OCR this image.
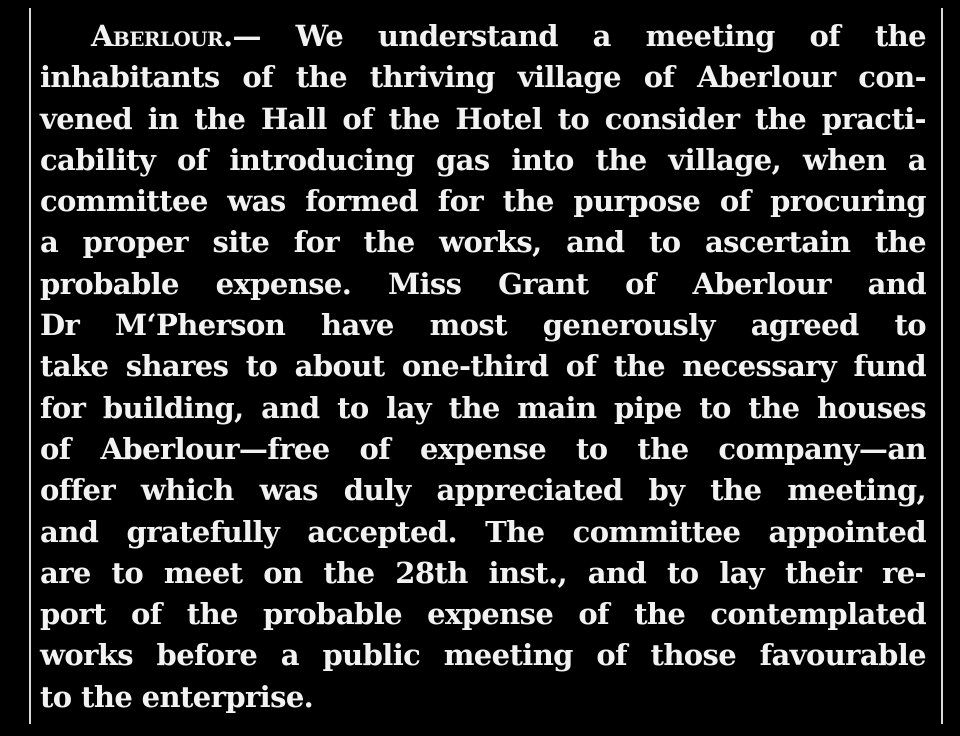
Aberlour.— We understand a meeting of the
inhabitants of the thriving village of Aberlour con-
vened in the Hall of the Hotel to consider the practi-
cability of introducing gas into the village, when a
committee was formed for the purpose of procuring
a proper site for the works, and to ascertain the
probable expense. Miss Grant of Aberlour and
Dr M‘Pherson have most generously agreed to
take shares to about one-third of the necessary fund
for building, and to lay the main pipe to the houses
of Aberlour—free of expense to the company—an
offer which was duly appreciated by the meeting,
and gratefully accepted. The committee appointed
are to meet on the 28th inst., and to lay their re-
port of the probable expense of the contemplated
works before a public meeting of those favourable
to the enterprise.
